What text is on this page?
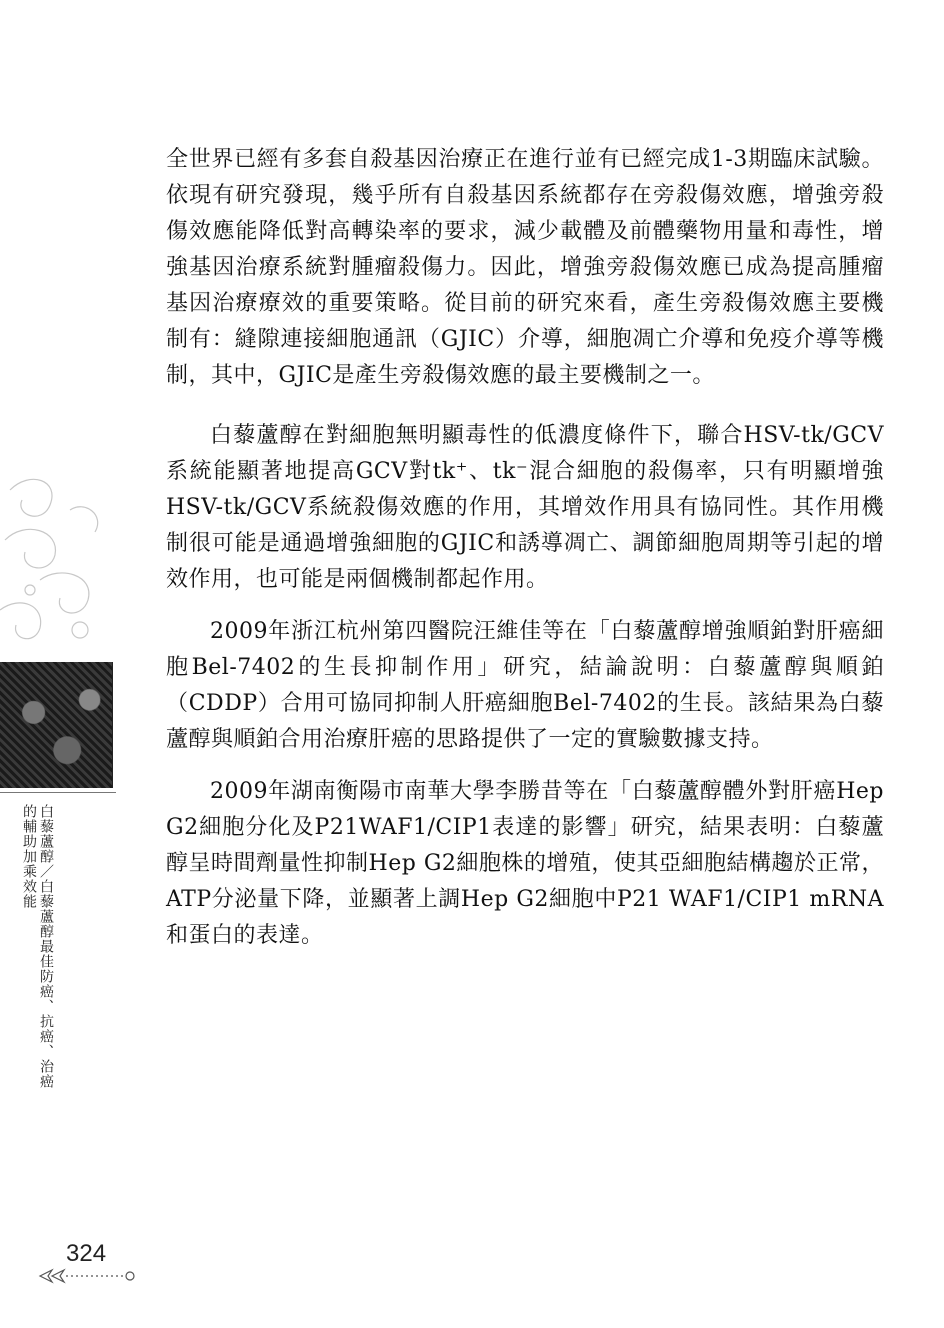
白藜蘆醇／白藜蘆醇最佳防癌、抗癌、治癌
的輔助加乘效能

全世界已經有多套自殺基因治療正在進行並有已經完成1-3期臨床試驗。依現有研究發現，幾乎所有自殺基因系統都存在旁殺傷效應，增強旁殺傷效應能降低對高轉染率的要求，減少載體及前體藥物用量和毒性，增強基因治療系統對腫瘤殺傷力。因此，增強旁殺傷效應已成為提高腫瘤基因治療療效的重要策略。從目前的研究來看，產生旁殺傷效應主要機制有：縫隙連接細胞通訊（GJIC）介導，細胞凋亡介導和免疫介導等機制，其中，GJIC是產生旁殺傷效應的最主要機制之一。

白藜蘆醇在對細胞無明顯毒性的低濃度條件下，聯合HSV-tk/GCV系統能顯著地提高GCV對tk⁺、tk⁻混合細胞的殺傷率，只有明顯增強HSV-tk/GCV系統殺傷效應的作用，其增效作用具有協同性。其作用機制很可能是通過增強細胞的GJIC和誘導凋亡、調節細胞周期等引起的增效作用，也可能是兩個機制都起作用。

2009年浙江杭州第四醫院汪維佳等在「白藜蘆醇增強順鉑對肝癌細胞Bel-7402的生長抑制作用」研究，結論說明：白藜蘆醇與順鉑（CDDP）合用可協同抑制人肝癌細胞Bel-7402的生長。該結果為白藜蘆醇與順鉑合用治療肝癌的思路提供了一定的實驗數據支持。

2009年湖南衡陽市南華大學李勝昔等在「白藜蘆醇體外對肝癌Hep G2細胞分化及P21WAF1/CIP1表達的影響」研究，結果表明：白藜蘆醇呈時間劑量性抑制Hep G2細胞株的增殖，使其亞細胞結構趨於正常，ATP分泌量下降，並顯著上調Hep G2細胞中P21 WAF1/CIP1 mRNA和蛋白的表達。

324
